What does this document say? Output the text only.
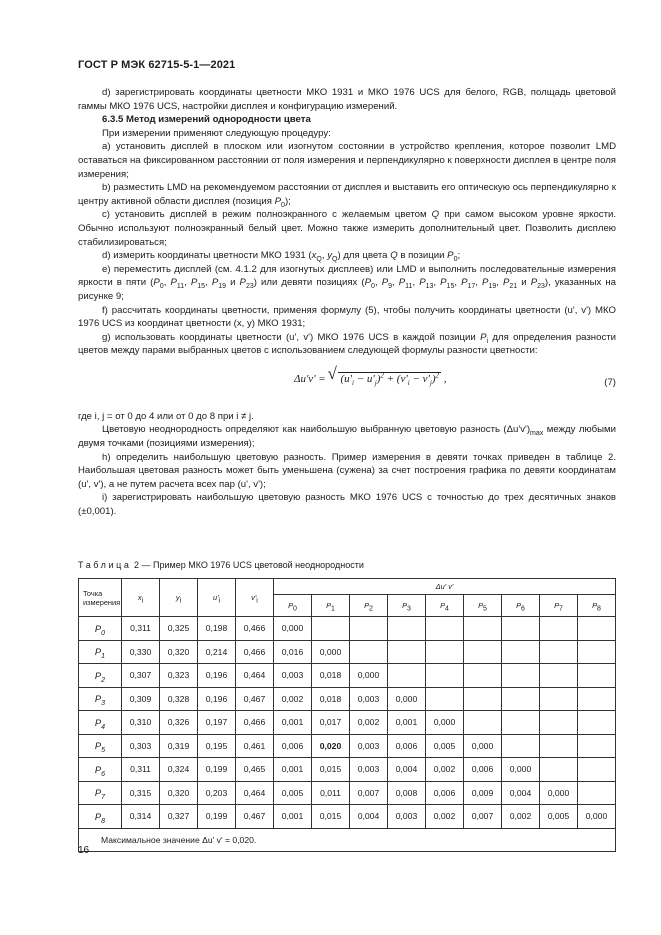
ГОСТ Р МЭК 62715-5-1—2021

d) зарегистрировать координаты цветности МКО 1931 и МКО 1976 UCS для белого, RGB, полщадь цветовой гаммы МКО 1976 UCS, настройки дисплея и конфигурацию измерений.

6.3.5 Метод измерений однородности цвета

При измерении применяют следующую процедуру:

a) установить дисплей в плоском или изогнутом состоянии в устройство крепления, которое позволит LMD оставаться на фиксированном расстоянии от поля измерения и перпендикулярно к поверхности дисплея в центре поля измерения;

b) разместить LMD на рекомендуемом расстоянии от дисплея и выставить его оптическую ось перпендикулярно к центру активной области дисплея (позиция $P_0$);

c) установить дисплей в режим полноэкранного с желаемым цветом Q при самом высоком уровне яркости. Обычно используют полноэкранный белый цвет. Можно также измерить дополнительный цвет. Позволить дисплею стабилизироваться;

d) измерить координаты цветности МКО 1931 ($x_Q$, $y_Q$) для цвета Q в позиции $P_0$;

e) переместить дисплей (см. 4.1.2 для изогнутых дисплеев) или LMD и выполнить последовательные измерения яркости в пяти ($P_0$, $P_{11}$, $P_{15}$, $P_{19}$ и $P_{23}$) или девяти позициях ($P_0$, $P_9$, $P_{11}$, $P_{13}$, $P_{15}$, $P_{17}$, $P_{19}$, $P_{21}$ и $P_{23}$), указанных на рисунке 9;

f) рассчитать координаты цветности, применяя формулу (5), чтобы получить координаты цветности (u', v') МКО 1976 UCS из координат цветности (x, y) МКО 1931;

g) использовать координаты цветности (u', v') МКО 1976 UCS в каждой позиции $P_i$ для определения разности цветов между парами выбранных цветов с использованием следующей формулы разности цветности:

Δu'v' = √ $(u'_i - u'_j)^2 + (v'_i - v'_j)^2$ ,	(7)

где i, j = от 0 до 4 или от 0 до 8 при i ≠ j.

Цветовую неоднородность определяют как наибольшую выбранную цветовую разность $(\Delta u'v')_{max}$ между любыми двумя точками (позициями измерения);

h) определить наибольшую цветовую разность. Пример измерения в девяти точках приведен в таблице 2. Наибольшая цветовая разность может быть уменьшена (сужена) за счет построения графика по девяти координатам (u', v'), а не путем расчета всех пар (u', v');

i) зарегистрировать наибольшую цветовую разность МКО 1976 UCS с точностью до трех десятичных знаков (±0,001).

Таблица 2 — Пример МКО 1976 UCS цветовой неоднородности
Точка измерения	$x_i$	$y_i$	$u'_i$	$v'_i$	Δu' v'								
					$P_0$	$P_1$	$P_2$	$P_3$	$P_4$	$P_5$	$P_6$	$P_7$	$P_8$
$P_0$	0,311	0,325	0,198	0,466	0,000								
$P_1$	0,330	0,320	0,214	0,466	0,016	0,000							
$P_2$	0,307	0,323	0,196	0,464	0,003	0,018	0,000						
$P_3$	0,309	0,328	0,196	0,467	0,002	0,018	0,003	0,000					
$P_4$	0,310	0,326	0,197	0,466	0,001	0,017	0,002	0,001	0,000				
$P_5$	0,303	0,319	0,195	0,461	0,006	0,020	0,003	0,006	0,005	0,000			
$P_6$	0,311	0,324	0,199	0,465	0,001	0,015	0,003	0,004	0,002	0,006	0,000		
$P_7$	0,315	0,320	0,203	0,464	0,005	0,011	0,007	0,008	0,006	0,009	0,004	0,000	
$P_8$	0,314	0,327	0,199	0,467	0,001	0,015	0,004	0,003	0,002	0,007	0,002	0,005	0,000
Максимальное значение Δu' v' = 0,020.													
16
